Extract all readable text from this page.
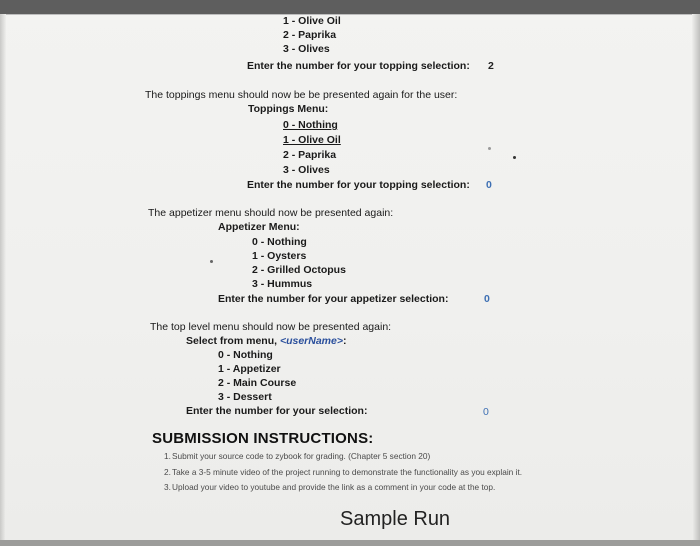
1 - Olive Oil
2 - Paprika
3 - Olives
Enter the number for your topping selection: 2
The toppings menu should now be be presented again for the user:
Toppings Menu:
0 - Nothing
1 - Olive Oil
2 - Paprika
3 - Olives
Enter the number for your topping selection: 0
The appetizer menu should now be presented again:
Appetizer Menu:
0 - Nothing
1 - Oysters
2 - Grilled Octopus
3 - Hummus
Enter the number for your appetizer selection:	0
The top level menu should now be presented again:
Select from menu, <userName>:
0 - Nothing
1 - Appetizer
2 - Main Course
3 - Dessert
Enter the number for your selection:	0
SUBMISSION INSTRUCTIONS:
1. Submit your source code to zybook for grading. (Chapter 5 section 20)
2. Take a 3-5 minute video of the project running to demonstrate the functionality as you explain it.
3. Upload your video to youtube and provide the link as a comment in your code at the top.
Sample Run
